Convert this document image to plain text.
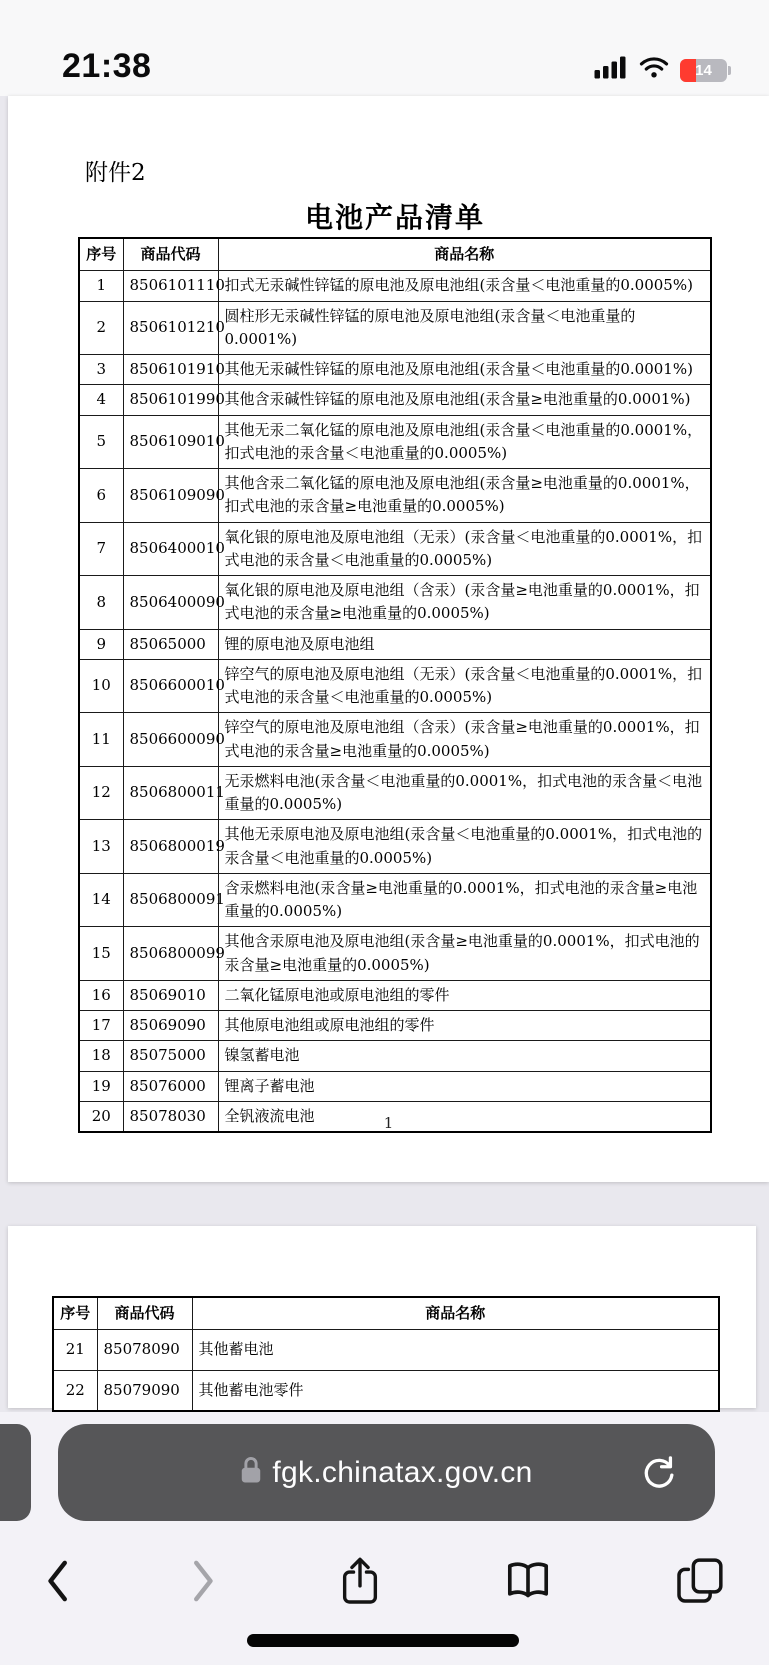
21:38	14
附件2
电池产品清单
序号	商品代码	商品名称
1	8506101110	扣式无汞碱性锌锰的原电池及原电池组(汞含量＜电池重量的0.0005%)
2	8506101210	圆柱形无汞碱性锌锰的原电池及原电池组(汞含量＜电池重量的0.0001%)
3	8506101910	其他无汞碱性锌锰的原电池及原电池组(汞含量＜电池重量的0.0001%)
4	8506101990	其他含汞碱性锌锰的原电池及原电池组(汞含量≥电池重量的0.0001%)
5	8506109010	其他无汞二氧化锰的原电池及原电池组(汞含量＜电池重量的0.0001%，扣式电池的汞含量＜电池重量的0.0005%)
6	8506109090	其他含汞二氧化锰的原电池及原电池组(汞含量≥电池重量的0.0001%，扣式电池的汞含量≥电池重量的0.0005%)
7	8506400010	氧化银的原电池及原电池组（无汞）(汞含量＜电池重量的0.0001%，扣式电池的汞含量＜电池重量的0.0005%)
8	8506400090	氧化银的原电池及原电池组（含汞）(汞含量≥电池重量的0.0001%，扣式电池的汞含量≥电池重量的0.0005%)
9	85065000	锂的原电池及原电池组
10	8506600010	锌空气的原电池及原电池组（无汞）(汞含量＜电池重量的0.0001%，扣式电池的汞含量＜电池重量的0.0005%)
11	8506600090	锌空气的原电池及原电池组（含汞）(汞含量≥电池重量的0.0001%，扣式电池的汞含量≥电池重量的0.0005%)
12	8506800011	无汞燃料电池(汞含量＜电池重量的0.0001%，扣式电池的汞含量＜电池重量的0.0005%)
13	8506800019	其他无汞原电池及原电池组(汞含量＜电池重量的0.0001%，扣式电池的汞含量＜电池重量的0.0005%)
14	8506800091	含汞燃料电池(汞含量≥电池重量的0.0001%，扣式电池的汞含量≥电池重量的0.0005%)
15	8506800099	其他含汞原电池及原电池组(汞含量≥电池重量的0.0001%，扣式电池的汞含量≥电池重量的0.0005%)
16	85069010	二氧化锰原电池或原电池组的零件
17	85069090	其他原电池组或原电池组的零件
18	85075000	镍氢蓄电池
19	85076000	锂离子蓄电池
20	85078030	全钒液流电池	1
序号	商品代码	商品名称
21	85078090	其他蓄电池
22	85079090	其他蓄电池零件
fgk.chinatax.gov.cn
